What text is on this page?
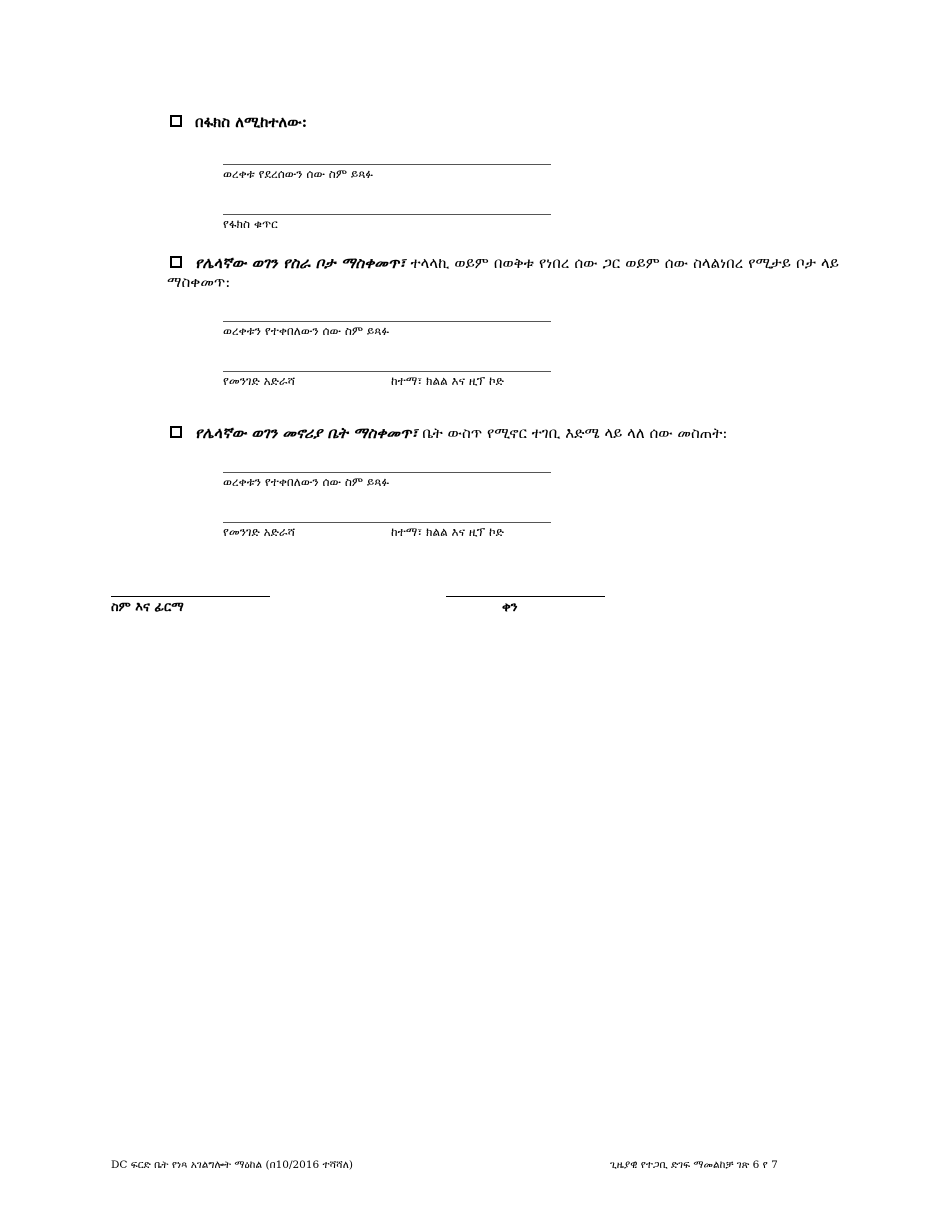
በፋክስ ለሚከተለው:
ወረቀቱ የደረሰውን ሰው ስም ይጻፉ
የፋክስ ቁጥር
የሌላኛው ወገን የስራ ቦታ ማስቀመጥ፣ ተላላኪ ወይም በወቅቱ የነበረ ሰው ጋር ወይም ሰው ስላልነበረ የሚታይ ቦታ ላይ ማስቀመጥ:
ወረቀቱን የተቀበለውን ሰው ስም ይጻፉ
የመንገድ አድራሻ	ከተማ፣ ክልል እና ዚፕ ኮድ
የሌላኛው ወገን መኖሪያ ቤት ማስቀመጥ፣ ቤት ውስጥ የሚኖር ተገቢ እድሜ ላይ ላለ ሰው መስጠት:
ወረቀቱን የተቀበለውን ሰው ስም ይጻፉ
የመንገድ አድራሻ	ከተማ፣ ክልል እና ዚፕ ኮድ
ስም እና ፊርማ	ቀን
DC ፍርድ ቤት የነጻ አገልግሎት ማዕከል (በ10/2016 ተሻሻለ)	ጊዜያዊ የተጋቢ ድገፍ ማመልከቻ ገጽ 6 የ 7
